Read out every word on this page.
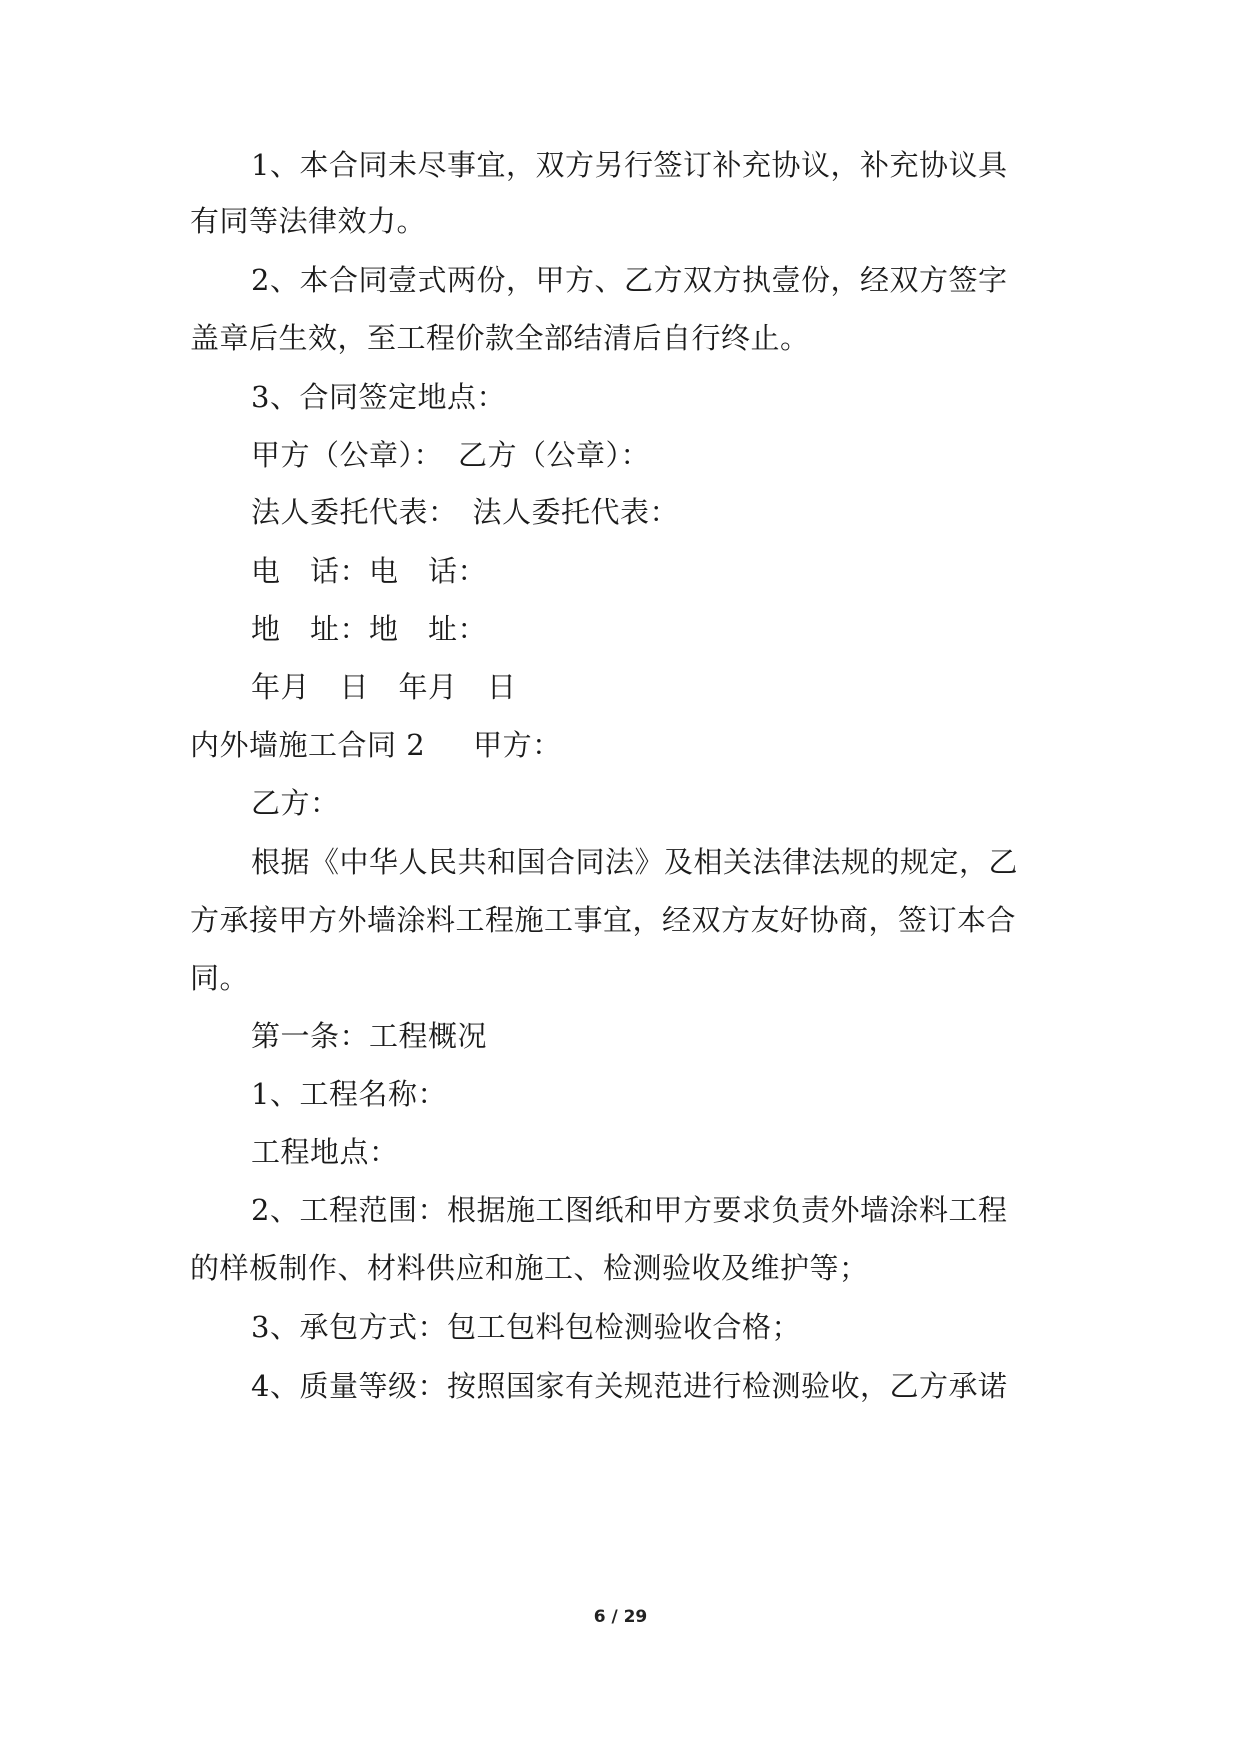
1、本合同未尽事宜，双方另行签订补充协议，补充协议具
有同等法律效力。
2、本合同壹式两份，甲方、乙方双方执壹份，经双方签字
盖章后生效，至工程价款全部结清后自行终止。
3、合同签定地点：
甲方（公章）：　乙方（公章）：
法人委托代表：　法人委托代表：
电　话：电　话：
地　址：地　址：
年月　日　年月　日
内外墙施工合同 2 甲方：
乙方：
根据《中华人民共和国合同法》及相关法律法规的规定，乙
方承接甲方外墙涂料工程施工事宜，经双方友好协商，签订本合
同。
第一条：工程概况
1、工程名称：
工程地点：
2、工程范围：根据施工图纸和甲方要求负责外墙涂料工程
的样板制作、材料供应和施工、检测验收及维护等；
3、承包方式：包工包料包检测验收合格；
4、质量等级：按照国家有关规范进行检测验收，乙方承诺
6 / 29
